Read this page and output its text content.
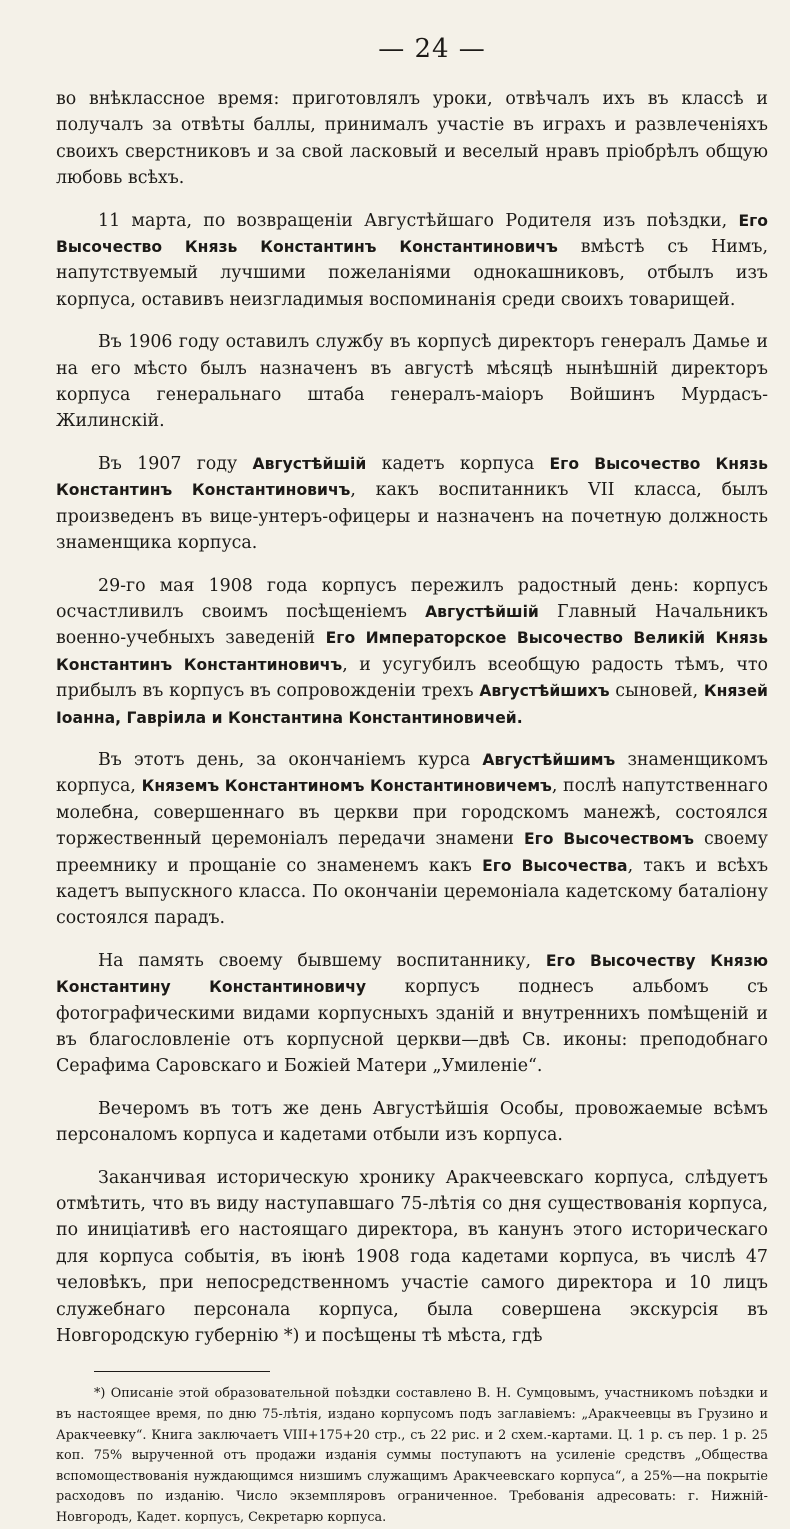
— 24 —

во внѣклассное время: приготовлялъ уроки, отвѣчалъ ихъ въ классѣ и получалъ за отвѣты баллы, принималъ участіе въ играхъ и развлеченіяхъ своихъ сверстниковъ и за свой ласковый и веселый нравъ пріобрѣлъ общую любовь всѣхъ.

11 марта, по возвращеніи Августѣйшаго Родителя изъ поѣздки, Его Высочество Князь Константинъ Константиновичъ вмѣстѣ съ Нимъ, напутствуемый лучшими пожеланіями однокашниковъ, отбылъ изъ корпуса, оставивъ неизгладимыя воспоминанія среди своихъ товарищей.

Въ 1906 году оставилъ службу въ корпусѣ директоръ генералъ Дамье и на его мѣсто былъ назначенъ въ августѣ мѣсяцѣ нынѣшній директоръ корпуса генеральнаго штаба генералъ-маіоръ Войшинъ Мурдасъ-Жилинскій.

Въ 1907 году Августѣйшій кадетъ корпуса Его Высочество Князь Константинъ Константиновичъ, какъ воспитанникъ VII класса, былъ произведенъ въ вице-унтеръ-офицеры и назначенъ на почетную должность знаменщика корпуса.

29-го мая 1908 года корпусъ пережилъ радостный день: корпусъ осчастливилъ своимъ посѣщеніемъ Августѣйшій Главный Начальникъ военно-учебныхъ заведеній Его Императорское Высочество Великій Князь Константинъ Константиновичъ, и усугубилъ всеобщую радость тѣмъ, что прибылъ въ корпусъ въ сопровожденіи трехъ Августѣйшихъ сыновей, Князей Іоанна, Гавріила и Константина Константиновичей.

Въ этотъ день, за окончаніемъ курса Августѣйшимъ знаменщикомъ корпуса, Княземъ Константиномъ Константиновичемъ, послѣ напутственнаго молебна, совершеннаго въ церкви при городскомъ манежѣ, состоялся торжественный церемоніалъ передачи знамени Его Высочествомъ своему преемнику и прощаніе со знаменемъ какъ Его Высочества, такъ и всѣхъ кадетъ выпускного класса. По окончаніи церемоніала кадетскому баталіону состоялся парадъ.

На память своему бывшему воспитаннику, Его Высочеству Князю Константину Константиновичу корпусъ поднесъ альбомъ съ фотографическими видами корпусныхъ зданій и внутреннихъ помѣщеній и въ благословленіе отъ корпусной церкви—двѣ Св. иконы: преподобнаго Серафима Саровскаго и Божіей Матери „Умиленіе“.

Вечеромъ въ тотъ же день Августѣйшія Особы, провожаемые всѣмъ персоналомъ корпуса и кадетами отбыли изъ корпуса.

Заканчивая историческую хронику Аракчеевскаго корпуса, слѣдуетъ отмѣтить, что въ виду наступавшаго 75-лѣтія со дня существованія корпуса, по иниціативѣ его настоящаго директора, въ канунъ этого историческаго для корпуса событія, въ іюнѣ 1908 года кадетами корпуса, въ числѣ 47 человѣкъ, при непосредственномъ участіе самого директора и 10 лицъ служебнаго персонала корпуса, была совершена экскурсія въ Новгородскую губернію *) и посѣщены тѣ мѣста, гдѣ

*) Описаніе этой образовательной поѣздки составлено В. Н. Сумцовымъ, участникомъ поѣздки и въ настоящее время, по дню 75-лѣтія, издано корпусомъ подъ заглавіемъ: „Аракчеевцы въ Грузино и Аракчеевку“. Книга заключаетъ VIII+175+20 стр., съ 22 рис. и 2 схем.-картами. Ц. 1 р. съ пер. 1 р. 25 коп. 75% вырученной отъ продажи изданія суммы поступаютъ на усиленіе средствъ „Общества вспомоществованія нуждающимся низшимъ служащимъ Аракчеевскаго корпуса“, а 25%—на покрытіе расходовъ по изданію. Число экземпляровъ ограниченное. Требованія адресовать: г. Нижній-Новгородъ, Кадет. корпусъ, Секретарю корпуса.
